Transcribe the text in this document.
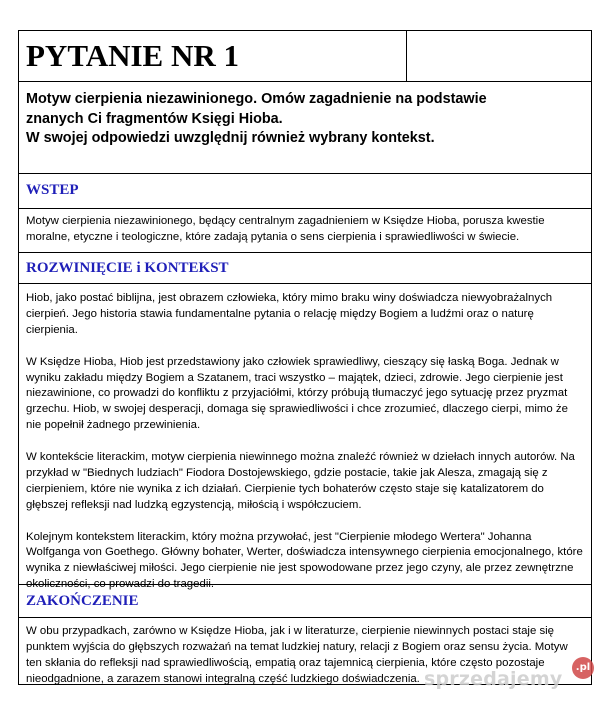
PYTANIE NR 1
Motyw cierpienia niezawinionego. Omów zagadnienie na podstawie
znanych Ci fragmentów Księgi Hioba.
W swojej odpowiedzi uwzględnij również wybrany kontekst.
WSTEP
Motyw cierpienia niezawinionego, będący centralnym zagadnieniem w Księdze Hioba, porusza kwestie moralne, etyczne i teologiczne, które zadają pytania o sens cierpienia i sprawiedliwości w świecie.
ROZWINIĘCIE i KONTEKST

Hiob, jako postać biblijna, jest obrazem człowieka, który mimo braku winy doświadcza niewyobrażalnych cierpień. Jego historia stawia fundamentalne pytania o relację między Bogiem a ludźmi oraz o naturę cierpienia.

W Księdze Hioba, Hiob jest przedstawiony jako człowiek sprawiedliwy, cieszący się łaską Boga. Jednak w wyniku zakładu między Bogiem a Szatanem, traci wszystko – majątek, dzieci, zdrowie. Jego cierpienie jest niezawinione, co prowadzi do konfliktu z przyjaciółmi, którzy próbują tłumaczyć jego sytuację przez pryzmat grzechu. Hiob, w swojej desperacji, domaga się sprawiedliwości i chce zrozumieć, dlaczego cierpi, mimo że nie popełnił żadnego przewinienia.

W kontekście literackim, motyw cierpienia niewinnego można znaleźć również w dziełach innych autorów. Na przykład w "Biednych ludziach" Fiodora Dostojewskiego, gdzie postacie, takie jak Alesza, zmagają się z cierpieniem, które nie wynika z ich działań. Cierpienie tych bohaterów często staje się katalizatorem do głębszej refleksji nad ludzką egzystencją, miłością i współczuciem.

Kolejnym kontekstem literackim, który można przywołać, jest "Cierpienie młodego Wertera" Johanna Wolfganga von Goethego. Główny bohater, Werter, doświadcza intensywnego cierpienia emocjonalnego, które wynika z niewłaściwej miłości. Jego cierpienie nie jest spowodowane przez jego czyny, ale przez zewnętrzne okoliczności, co prowadzi do tragedii.

ZAKOŃCZENIE
W obu przypadkach, zarówno w Księdze Hioba, jak i w literaturze, cierpienie niewinnych postaci staje się punktem wyjścia do głębszych rozważań na temat ludzkiej natury, relacji z Bogiem oraz sensu życia. Motyw ten skłania do refleksji nad sprawiedliwością, empatią oraz tajemnicą cierpienia, które często pozostaje nieodgadnione, a zarazem stanowi integralną część ludzkiego doświadczenia. sprzedajemy
.pl
